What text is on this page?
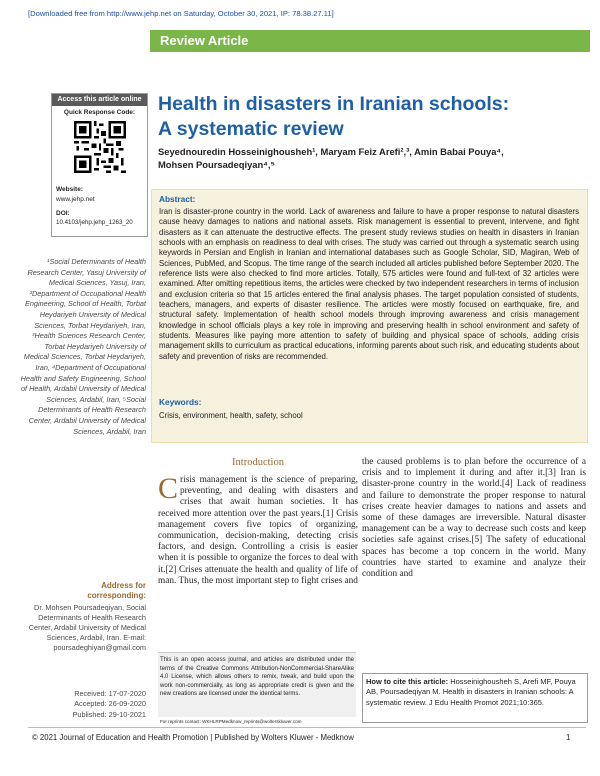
[Downloaded free from http://www.jehp.net on Saturday, October 30, 2021, IP: 78.38.27.11]
Review Article
Access this article online
Quick Response Code:
Website:
www.jehp.net
DOI:
10.4103/jehp.jehp_1263_20
¹Social Determinants of Health Research Center, Yasuj University of Medical Sciences, Yasuj, Iran, ²Department of Occupational Health Engineering, School of Health, Torbat Heydariyeh University of Medical Sciences, Torbat Heydariyeh, Iran, ³Health Sciences Research Center, Torbat Heydariyeh University of Medical Sciences, Torbat Heydariyeh, Iran, ⁴Department of Occupational Health and Safety Engineering, School of Health, Ardabil University of Medical Sciences, Ardabil, Iran, ⁵Social Determinants of Health Research Center, Ardabil University of Medical Sciences, Ardabil, Iran
Address for corresponding:
Dr. Mohsen Poursadeqiyan, Social Determinants of Health Research Center, Ardabil University of Medical Sciences, Ardabil, Iran. E-mail: poursadeghiyan@gmail.com
Received: 17-07-2020
Accepted: 26-09-2020
Published: 29-10-2021
Health in disasters in Iranian schools:
A systematic review
Seyednouredin Hosseinighousheh¹, Maryam Feiz Arefi²,³, Amin Babai Pouya⁴,
Mohsen Poursadeqiyan⁴,⁵
Abstract:
Iran is disaster-prone country in the world. Lack of awareness and failure to have a proper response to natural disasters cause heavy damages to nations and national assets. Risk management is essential to prevent, intervene, and fight disasters as it can attenuate the destructive effects. The present study reviews studies on health in disasters in Iranian schools with an emphasis on readiness to deal with crises. The study was carried out through a systematic search using keywords in Persian and English in Iranian and international databases such as Google Scholar, SID, Magiran, Web of Sciences, PubMed, and Scopus. The time range of the search included all articles published before September 2020. The reference lists were also checked to find more articles. Totally, 575 articles were found and full-text of 32 articles were examined. After omitting repetitious items, the articles were checked by two independent researchers in terms of inclusion and exclusion criteria so that 15 articles entered the final analysis phases. The target population consisted of students, teachers, managers, and experts of disaster resilience. The articles were mostly focused on earthquake, fire, and structural safety. Implementation of health school models through improving awareness and crisis management knowledge in school officials plays a key role in improving and preserving health in school environment and safety of students. Measures like paying more attention to safety of building and physical space of schools, adding crisis management skills to curriculum as practical educations, informing parents about such risk, and educating students about safety and prevention of risks are recommended.
Keywords:
Crisis, environment, health, safety, school
Introduction
Crisis management is the science of preparing, preventing, and dealing with disasters and crises that await human societies. It has received more attention over the past years.[1] Crisis management covers five topics of organizing, communication, decision-making, detecting crisis factors, and design. Controlling a crisis is easier when it is possible to organize the forces to deal with it.[2] Crises attenuate the health and quality of life of man. Thus, the most important step to fight crises and
the caused problems is to plan before the occurrence of a crisis and to implement it during and after it.[3] Iran is disaster-prone country in the world.[4] Lack of readiness and failure to demonstrate the proper response to natural crises create heavier damages to nations and assets and some of these damages are irreversible. Natural disaster management can be a way to decrease such costs and keep societies safe against crises.[5] The safety of educational spaces has become a top concern in the world. Many countries have started to examine and analyze their condition and
This is an open access journal, and articles are distributed under the terms of the Creative Commons Attribution-NonCommercial-ShareAlike 4.0 License, which allows others to remix, tweak, and build upon the work non-commercially, as long as appropriate credit is given and the new creations are licensed under the identical terms.
For reprints contact: WKHLRPMedknow_reprints@wolterskluwer.com
How to cite this article: Hosseinighousheh S, Arefi MF, Pouya AB, Poursadeqiyan M. Health in disasters in Iranian schools: A systematic review. J Edu Health Promot 2021;10:365.
© 2021 Journal of Education and Health Promotion | Published by Wolters Kluwer - Medknow	1
